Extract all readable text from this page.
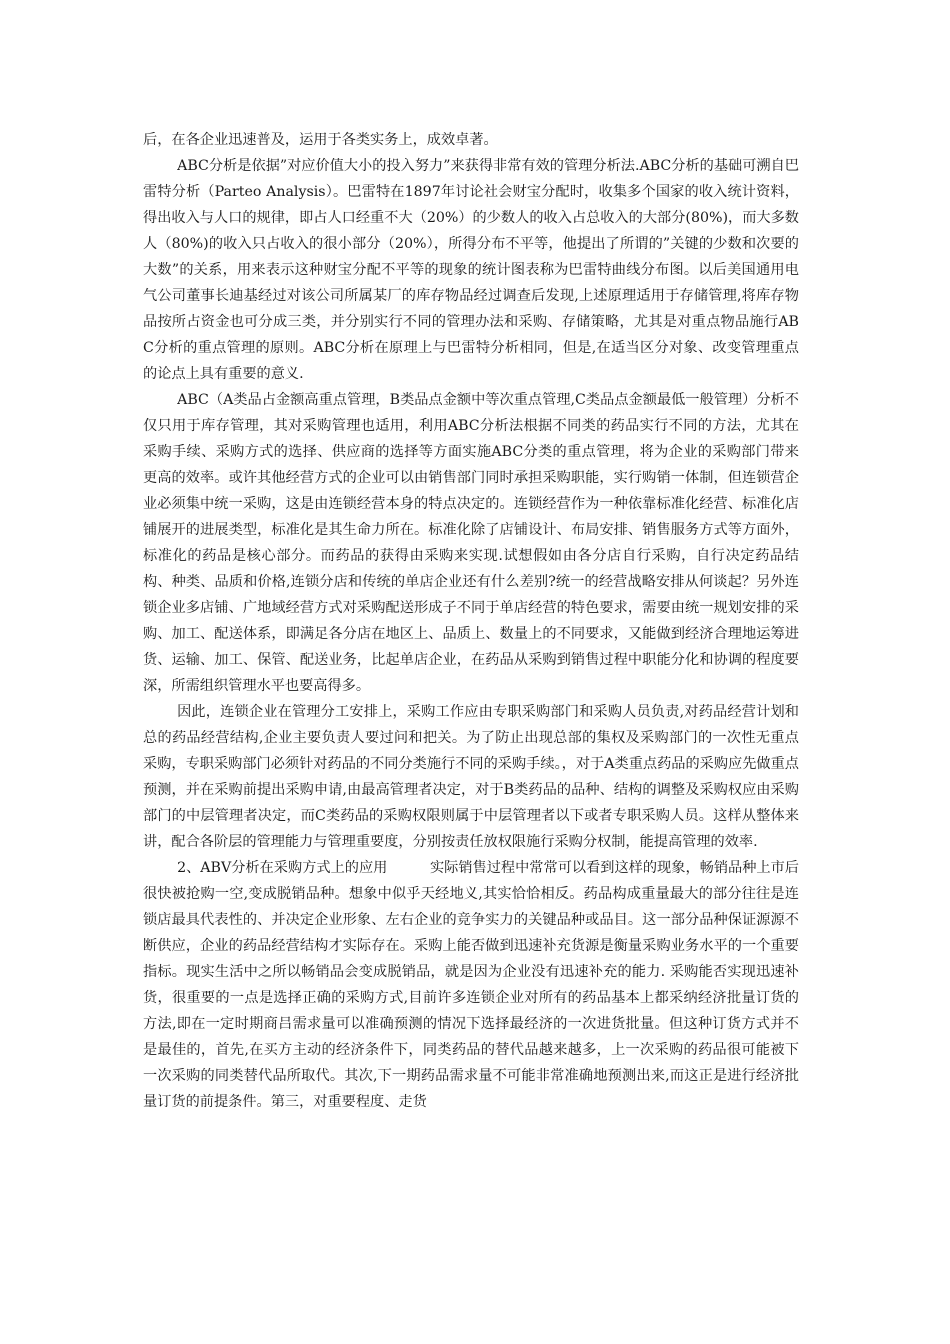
后，在各企业迅速普及，运用于各类实务上，成效卓著。

ABC分析是依据”对应价值大小的投入努力”来获得非常有效的管理分析法.ABC分析的基础可溯自巴雷特分析（Parteo Analysis）。巴雷特在1897年讨论社会财宝分配时，收集多个国家的收入统计资料，得出收入与人口的规律，即占人口经重不大（20%）的少数人的收入占总收入的大部分(80%)，而大多数人（80%)的收入只占收入的很小部分（20%），所得分布不平等，他提出了所谓的”关键的少数和次要的大数”的关系，用来表示这种财宝分配不平等的现象的统计图表称为巴雷特曲线分布图。以后美国通用电气公司董事长迪基经过对该公司所属某厂的库存物品经过调查后发现,上述原理适用于存储管理,将库存物品按所占资金也可分成三类，并分别实行不同的管理办法和采购、存储策略，尤其是对重点物品施行ABC分析的重点管理的原则。ABC分析在原理上与巴雷特分析相同，但是,在适当区分对象、改变管理重点的论点上具有重要的意义.

ABC（A类品占金额高重点管理，B类品点金额中等次重点管理,C类品点金额最低一般管理）分析不仅只用于库存管理，其对采购管理也适用，利用ABC分析法根据不同类的药品实行不同的方法，尤其在采购手续、采购方式的选择、供应商的选择等方面实施ABC分类的重点管理，将为企业的采购部门带来更高的效率。或许其他经营方式的企业可以由销售部门同时承担采购职能，实行购销一体制，但连锁营企业必须集中统一采购，这是由连锁经营本身的特点决定的。连锁经营作为一种依靠标准化经营、标准化店铺展开的进展类型，标准化是其生命力所在。标准化除了店铺设计、布局安排、销售服务方式等方面外，标准化的药品是核心部分。而药品的获得由采购来实现.试想假如由各分店自行采购，自行决定药品结构、种类、品质和价格,连锁分店和传统的单店企业还有什么差别?统一的经营战略安排从何谈起？另外连锁企业多店铺、广地域经营方式对采购配送形成子不同于单店经营的特色要求，需要由统一规划安排的采购、加工、配送体系，即满足各分店在地区上、品质上、数量上的不同要求，又能做到经济合理地运筹进货、运输、加工、保管、配送业务，比起单店企业，在药品从采购到销售过程中职能分化和协调的程度要深，所需组织管理水平也要高得多。

因此，连锁企业在管理分工安排上，采购工作应由专职采购部门和采购人员负责,对药品经营计划和总的药品经营结构,企业主要负责人要过问和把关。为了防止出现总部的集权及采购部门的一次性无重点采购，专职采购部门必须针对药品的不同分类施行不同的采购手续。，对于A类重点药品的采购应先做重点预测，并在采购前提出采购申请,由最高管理者决定，对于B类药品的品种、结构的调整及采购权应由采购部门的中层管理者决定，而C类药品的采购权限则属于中层管理者以下或者专职采购人员。这样从整体来讲，配合各阶层的管理能力与管理重要度，分别按责任放权限施行采购分权制，能提高管理的效率.

2、ABV分析在采购方式上的应用　　　实际销售过程中常常可以看到这样的现象，畅销品种上市后很快被抢购一空,变成脱销品种。想象中似乎天经地义,其实恰恰相反。药品构成重量最大的部分往往是连锁店最具代表性的、并决定企业形象、左右企业的竞争实力的关键品种或品目。这一部分品种保证源源不断供应，企业的药品经营结构才实际存在。采购上能否做到迅速补充货源是衡量采购业务水平的一个重要指标。现实生活中之所以畅销品会变成脱销品，就是因为企业没有迅速补充的能力. 采购能否实现迅速补货，很重要的一点是选择正确的采购方式,目前许多连锁企业对所有的药品基本上都采纳经济批量订货的方法,即在一定时期商吕需求量可以准确预测的情况下选择最经济的一次进货批量。但这种订货方式并不是最佳的，首先,在买方主动的经济条件下，同类药品的替代品越来越多，上一次采购的药品很可能被下一次采购的同类替代品所取代。其次,下一期药品需求量不可能非常准确地预测出来,而这正是进行经济批量订货的前提条件。第三，对重要程度、走货
